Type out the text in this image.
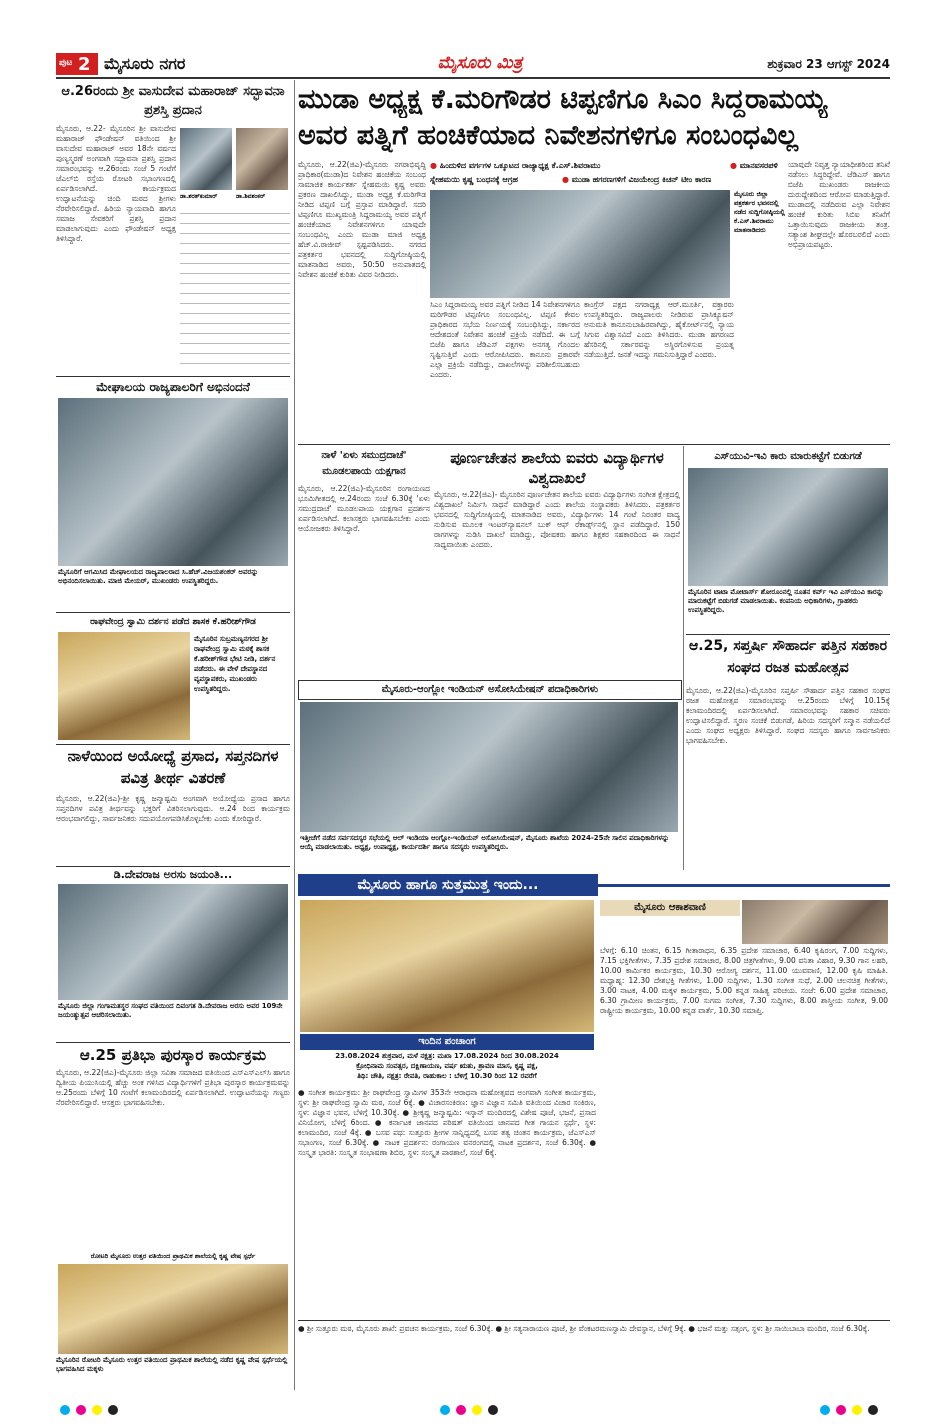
ಪುಟ 2 ಮೈಸೂರು ನಗರ	ಮೈಸೂರು ಮಿತ್ರ	ಶುಕ್ರವಾರ 23 ಆಗಸ್ಟ್ 2024
ಆ.26ರಂದು ಶ್ರೀ ವಾಸುದೇವ ಮಹಾರಾಜ್ ಸದ್ಭಾವನಾ ಪ್ರಶಸ್ತಿ ಪ್ರದಾನ
ಮೈಸೂರು, ಆ.22- ಮೈಸೂರಿನ ಶ್ರೀ ವಾಸುದೇವ ಮಹಾರಾಜ್ ಫೌಂಡೇಷನ್ ವತಿಯಿಂದ ಶ್ರೀ ವಾಸುದೇವ ಮಹಾರಾಜ್ ಅವರ 18ನೇ ವರ್ಷದ ಪುಣ್ಯಸ್ಮರಣೆ ಅಂಗವಾಗಿ ಸದ್ಭಾವನಾ ಪ್ರಶಸ್ತಿ ಪ್ರದಾನ ಸಮಾರಂಭವನ್ನು ಆ.26ರಂದು ಸಂಜೆ 5 ಗಂಟೆಗೆ ಜೆಎಲ್‌ಬಿ ರಸ್ತೆಯ ರೋಟರಿ ಸಭಾಂಗಣದಲ್ಲಿ ಏರ್ಪಡಿಸಲಾಗಿದೆ. ಕಾರ್ಯಕ್ರಮದ ಉದ್ಘಾಟನೆಯನ್ನು ಚಿಂದಿ ಮಠದ ಶ್ರೀಗಳು ನೆರವೇರಿಸಲಿದ್ದಾರೆ. ಹಿರಿಯ ನ್ಯಾಯವಾದಿ ಹಾಗೂ ಸಮಾಜ ಸೇವಕರಿಗೆ ಪ್ರಶಸ್ತಿ ಪ್ರದಾನ ಮಾಡಲಾಗುವುದು ಎಂದು ಫೌಂಡೇಷನ್ ಅಧ್ಯಕ್ಷ ತಿಳಿಸಿದ್ದಾರೆ.
ಡಾ.ಶರತ್‌ಕುಮಾರ್	ಡಾ.ಶಿವಶಂಕರ್
ಮೇಘಾಲಯ ರಾಜ್ಯಪಾಲರಿಗೆ ಅಭಿನಂದನೆ
ಮೈಸೂರಿಗೆ ಆಗಮಿಸಿದ ಮೇಘಾಲಯದ ರಾಜ್ಯಪಾಲರಾದ ಸಿ.ಹೆಚ್.ವಿಜಯಶಂಕರ್ ಅವರನ್ನು ಅಭಿನಂದಿಸಲಾಯಿತು. ಮಾಜಿ ಮೇಯರ್, ಮುಖಂಡರು ಉಪಸ್ಥಿತರಿದ್ದರು.
ರಾಘವೇಂದ್ರ ಸ್ವಾಮಿ ದರ್ಶನ ಪಡೆದ ಶಾಸಕ ಕೆ.ಹರೀಶ್‌ಗೌಡ
ಮೈಸೂರಿನ ಸುಬ್ರಮಣ್ಯನಗರದ ಶ್ರೀ ರಾಘವೇಂದ್ರ ಸ್ವಾಮಿ ಮಠಕ್ಕೆ ಶಾಸಕ ಕೆ.ಹರೀಶ್‌ಗೌಡ ಭೇಟಿ ನೀಡಿ, ದರ್ಶನ ಪಡೆದರು. ಈ ವೇಳೆ ದೇವಸ್ಥಾನದ ವ್ಯವಸ್ಥಾಪಕರು, ಮುಖಂಡರು ಉಪಸ್ಥಿತರಿದ್ದರು.
ನಾಳೆಯಿಂದ ಅಯೋಧ್ಯೆ ಪ್ರಸಾದ, ಸಪ್ತನದಿಗಳ ಪವಿತ್ರ ತೀರ್ಥ ವಿತರಣೆ
ಮೈಸೂರು, ಆ.22(ಜಿಎ)-ಶ್ರೀ ಕೃಷ್ಣ ಜನ್ಮಾಷ್ಟಮಿ ಅಂಗವಾಗಿ ಅಯೋಧ್ಯೆಯ ಪ್ರಸಾದ ಹಾಗೂ ಸಪ್ತನದಿಗಳ ಪವಿತ್ರ ತೀರ್ಥವನ್ನು ಭಕ್ತರಿಗೆ ವಿತರಿಸಲಾಗುವುದು. ಆ.24 ರಿಂದ ಕಾರ್ಯಕ್ರಮ ಆರಂಭವಾಗಲಿದ್ದು, ಸಾರ್ವಜನಿಕರು ಸದುಪಯೋಗಪಡಿಸಿಕೊಳ್ಳಬೇಕು ಎಂದು ಕೋರಿದ್ದಾರೆ.
ಡಿ.ದೇವರಾಜ ಅರಸು ಜಯಂತಿ...
ಮೈಸೂರು ಜಿಲ್ಲಾ ಗಂಗಾಮತಸ್ಥರ ಸಂಘದ ವತಿಯಿಂದ ದಿವಂಗತ ಡಿ.ದೇವರಾಜ ಅರಸು ಅವರ 109ನೇ ಜಯಂತ್ಯುತ್ಸವ ಆಚರಿಸಲಾಯಿತು.
ಆ.25 ಪ್ರತಿಭಾ ಪುರಸ್ಕಾರ ಕಾರ್ಯಕ್ರಮ
ಮೈಸೂರು, ಆ.22(ಜಿಎ)-ಮೈಸೂರು ಜಿಲ್ಲಾ ಸವಿತಾ ಸಮಾಜದ ವತಿಯಿಂದ ಎಸ್ಎಸ್‌ಎಲ್‌ಸಿ ಹಾಗೂ ದ್ವಿತೀಯ ಪಿಯುಸಿಯಲ್ಲಿ ಹೆಚ್ಚು ಅಂಕ ಗಳಿಸಿದ ವಿದ್ಯಾರ್ಥಿಗಳಿಗೆ ಪ್ರತಿಭಾ ಪುರಸ್ಕಾರ ಕಾರ್ಯಕ್ರಮವನ್ನು ಆ.25ರಂದು ಬೆಳಿಗ್ಗೆ 10 ಗಂಟೆಗೆ ಕಲಾಮಂದಿರದಲ್ಲಿ ಏರ್ಪಡಿಸಲಾಗಿದೆ. ಉದ್ಘಾಟನೆಯನ್ನು ಗಣ್ಯರು ನೆರವೇರಿಸಲಿದ್ದಾರೆ. ಆಸಕ್ತರು ಭಾಗವಹಿಸಬೇಕು.
ರೋಟರಿ ಮೈಸೂರು ಉತ್ತರ ವತಿಯಿಂದ ಪ್ರಾಥಮಿಕ ಶಾಲೆಯಲ್ಲಿ ಕೃಷ್ಣ ವೇಷ ಸ್ಪರ್ಧೆ
ಮೈಸೂರಿನ ರೋಟರಿ ಮೈಸೂರು ಉತ್ತರ ವತಿಯಿಂದ ಪ್ರಾಥಮಿಕ ಶಾಲೆಯಲ್ಲಿ ನಡೆದ ಕೃಷ್ಣ ವೇಷ ಸ್ಪರ್ಧೆಯಲ್ಲಿ ಭಾಗವಹಿಸಿದ ಮಕ್ಕಳು
ಮುಡಾ ಅಧ್ಯಕ್ಷ ಕೆ.ಮರಿಗೌಡರ ಟಿಪ್ಪಣಿಗೂ ಸಿಎಂ ಸಿದ್ದರಾಮಯ್ಯ
ಅವರ ಪತ್ನಿಗೆ ಹಂಚಿಕೆಯಾದ ನಿವೇಶನಗಳಿಗೂ ಸಂಬಂಧವಿಲ್ಲ
ಮೈಸೂರು, ಆ.22(ಜಿಎ)-ಮೈಸೂರು ನಗರಾಭಿವೃದ್ಧಿ ಪ್ರಾಧಿಕಾರ(ಮುಡಾ)ದ ನಿವೇಶನ ಹಂಚಿಕೆಯ ಸಂಬಂಧ ಸಾಮಾಜಿಕ ಕಾರ್ಯಕರ್ತ ಸ್ನೇಹಮಯಿ ಕೃಷ್ಣ ಅವರು ಪ್ರಕರಣ ದಾಖಲಿಸಿದ್ದು, ಮುಡಾ ಅಧ್ಯಕ್ಷ ಕೆ.ಮರಿಗೌಡ ನೀಡಿದ ಟಿಪ್ಪಣಿ ಬಗ್ಗೆ ಪ್ರಸ್ತಾಪ ಮಾಡಿದ್ದಾರೆ. ಸದರಿ ಟಿಪ್ಪಣಿಗೂ ಮುಖ್ಯಮಂತ್ರಿ ಸಿದ್ದರಾಮಯ್ಯ ಅವರ ಪತ್ನಿಗೆ ಹಂಚಿಕೆಯಾದ ನಿವೇಶನಗಳಿಗೂ ಯಾವುದೇ ಸಂಬಂಧವಿಲ್ಲ ಎಂದು ಮುಡಾ ಮಾಜಿ ಅಧ್ಯಕ್ಷ ಹೆಚ್.ವಿ.ರಾಜೀವ್ ಸ್ಪಷ್ಟಪಡಿಸಿದರು. ನಗರದ ಪತ್ರಕರ್ತರ ಭವನದಲ್ಲಿ ಸುದ್ದಿಗೋಷ್ಠಿಯಲ್ಲಿ ಮಾತನಾಡಿದ ಅವರು, 50:50 ಅನುಪಾತದಲ್ಲಿ ನಿವೇಶನ ಹಂಚಿಕೆ ಕುರಿತು ವಿವರ ನೀಡಿದರು.
● ಹಿಂದುಳಿದ ವರ್ಗಗಳ ಒಕ್ಕೂಟದ ರಾಜ್ಯಾಧ್ಯಕ್ಷ ಕೆ.ಎಸ್.ಶಿವರಾಮು	● ಮಾನವಸರಪಳಿ
ಸ್ನೇಹಮಯಿ ಕೃಷ್ಣ ಬಂಧನಕ್ಕೆ ಆಗ್ರಹ	● ಮುಡಾ ಹಗರಣಗಳಿಗೆ ವಿಜಯೇಂದ್ರ ಕಿಚನ್ ಟೀಂ ಕಾರಣ
ಮೈಸೂರು ಜಿಲ್ಲಾ ಪತ್ರಕರ್ತರ ಭವನದಲ್ಲಿ ನಡೆದ ಸುದ್ದಿಗೋಷ್ಠಿಯಲ್ಲಿ ಕೆ.ಎಸ್.ಶಿವರಾಮು ಮಾತನಾಡಿದರು
ಸಿಎಂ ಸಿದ್ದರಾಮಯ್ಯ ಅವರ ಪತ್ನಿಗೆ ನೀಡಿದ 14 ನಿವೇಶನಗಳಿಗೂ ಮರಿಗೌಡರ ಟಿಪ್ಪಣಿಗೂ ಸಂಬಂಧವಿಲ್ಲ. ಟಿಪ್ಪಣಿ ಕೇವಲ ಪ್ರಾಧಿಕಾರದ ಸಭೆಯ ನಿರ್ಣಯಕ್ಕೆ ಸಂಬಂಧಿಸಿದ್ದು, ಸರ್ಕಾರದ ಆದೇಶದಂತೆ ನಿವೇಶನ ಹಂಚಿಕೆ ಪ್ರಕ್ರಿಯೆ ನಡೆದಿದೆ. ಈ ಬಗ್ಗೆ ಬಿಜೆಪಿ ಹಾಗೂ ಜೆಡಿಎಸ್ ಪಕ್ಷಗಳು ಅನಗತ್ಯ ಗೊಂದಲ ಸೃಷ್ಟಿಸುತ್ತಿವೆ ಎಂದು ಆರೋಪಿಸಿದರು. ಕಾನೂನು ಪ್ರಕಾರವೇ ಎಲ್ಲಾ ಪ್ರಕ್ರಿಯೆ ನಡೆದಿದ್ದು, ದಾಖಲೆಗಳನ್ನು ಪರಿಶೀಲಿಸಬಹುದು ಎಂದರು.
ಕಾಂಗ್ರೆಸ್ ಪಕ್ಷದ ನಗರಾಧ್ಯಕ್ಷ ಆರ್.ಮೂರ್ತಿ, ವಕ್ತಾರರು ಉಪಸ್ಥಿತರಿದ್ದರು. ರಾಜ್ಯಪಾಲರು ನೀಡಿರುವ ಪ್ರಾಸಿಕ್ಯೂಷನ್ ಅನುಮತಿ ಕಾನೂನುಬಾಹಿರವಾಗಿದ್ದು, ಹೈಕೋರ್ಟ್‌ನಲ್ಲಿ ನ್ಯಾಯ ಸಿಗುವ ವಿಶ್ವಾಸವಿದೆ ಎಂದು ತಿಳಿಸಿದರು. ಮುಡಾ ಹಗರಣದ ಹೆಸರಿನಲ್ಲಿ ಸರ್ಕಾರವನ್ನು ಅಸ್ಥಿರಗೊಳಿಸುವ ಪ್ರಯತ್ನ ನಡೆಯುತ್ತಿದೆ. ಜನತೆ ಇದನ್ನು ಗಮನಿಸುತ್ತಿದ್ದಾರೆ ಎಂದರು.
ಯಾವುದೇ ನಿವೃತ್ತ ನ್ಯಾಯಾಧೀಶರಿಂದ ತನಿಖೆ ನಡೆಸಲು ಸಿದ್ಧರಿದ್ದೇವೆ. ಜೆಡಿಎಸ್ ಹಾಗೂ ಬಿಜೆಪಿ ಮುಖಂಡರು ರಾಜಕೀಯ ದುರುದ್ದೇಶದಿಂದ ಆರೋಪ ಮಾಡುತ್ತಿದ್ದಾರೆ. ಮುಡಾದಲ್ಲಿ ನಡೆದಿರುವ ಎಲ್ಲಾ ನಿವೇಶನ ಹಂಚಿಕೆ ಕುರಿತು ಸಿಬಿಐ ತನಿಖೆಗೆ ಒತ್ತಾಯಿಸುವುದು ರಾಜಕೀಯ ತಂತ್ರ. ಸತ್ಯಾಂಶ ಶೀಘ್ರದಲ್ಲೇ ಹೊರಬರಲಿದೆ ಎಂದು ಅಭಿಪ್ರಾಯಪಟ್ಟರು.
ನಾಳೆ 'ಏಳು ಸಮುದ್ರದಾಚೆ' ಮೂಡಲಪಾಯ ಯಕ್ಷಗಾನ
ಮೈಸೂರು, ಆ.22(ಜಿಎ)-ಮೈಸೂರಿನ ರಂಗಾಯಣದ ಭೂಮಿಗೀತದಲ್ಲಿ ಆ.24ರಂದು ಸಂಜೆ 6.30ಕ್ಕೆ 'ಏಳು ಸಮುದ್ರದಾಚೆ' ಮೂಡಲಪಾಯ ಯಕ್ಷಗಾನ ಪ್ರದರ್ಶನ ಏರ್ಪಡಿಸಲಾಗಿದೆ. ಕಲಾಸಕ್ತರು ಭಾಗವಹಿಸಬೇಕು ಎಂದು ಆಯೋಜಕರು ತಿಳಿಸಿದ್ದಾರೆ.
ಪೂರ್ಣಚೇತನ ಶಾಲೆಯ ಐವರು ವಿದ್ಯಾರ್ಥಿಗಳ ವಿಶ್ವದಾಖಲೆ
ಮೈಸೂರು, ಆ.22(ಜಿಎ)- ಮೈಸೂರಿನ ಪೂರ್ಣಚೇತನ ಶಾಲೆಯ ಐವರು ವಿದ್ಯಾರ್ಥಿಗಳು ಸಂಗೀತ ಕ್ಷೇತ್ರದಲ್ಲಿ ವಿಶ್ವದಾಖಲೆ ನಿರ್ಮಿಸಿ ಸಾಧನೆ ಮಾಡಿದ್ದಾರೆ ಎಂದು ಶಾಲೆಯ ಸಂಸ್ಥಾಪಕರು ತಿಳಿಸಿದರು. ಪತ್ರಕರ್ತರ ಭವನದಲ್ಲಿ ಸುದ್ದಿಗೋಷ್ಠಿಯಲ್ಲಿ ಮಾತನಾಡಿದ ಅವರು, ವಿದ್ಯಾರ್ಥಿಗಳು 14 ಗಂಟೆ ನಿರಂತರ ವಾದ್ಯ ನುಡಿಸುವ ಮೂಲಕ ಇಂಟರ್‌ನ್ಯಾಷನಲ್ ಬುಕ್ ಆಫ್ ರೆಕಾರ್ಡ್ಸ್‌ನಲ್ಲಿ ಸ್ಥಾನ ಪಡೆದಿದ್ದಾರೆ. 150 ರಾಗಗಳನ್ನು ನುಡಿಸಿ ದಾಖಲೆ ಮಾಡಿದ್ದು, ಪೋಷಕರು ಹಾಗೂ ಶಿಕ್ಷಕರ ಸಹಕಾರದಿಂದ ಈ ಸಾಧನೆ ಸಾಧ್ಯವಾಯಿತು ಎಂದರು.
ಮೈಸೂರು-ಆಂಗ್ಲೋ ಇಂಡಿಯನ್ ಅಸೋಸಿಯೇಷನ್ ಪದಾಧಿಕಾರಿಗಳು
ಇತ್ತೀಚೆಗೆ ನಡೆದ ಸರ್ವಸದಸ್ಯರ ಸಭೆಯಲ್ಲಿ ಆಲ್ ಇಂಡಿಯಾ ಆಂಗ್ಲೋ-ಇಂಡಿಯನ್ ಅಸೋಸಿಯೇಷನ್, ಮೈಸೂರು ಶಾಖೆಯ 2024-25ನೇ ಸಾಲಿನ ಪದಾಧಿಕಾರಿಗಳನ್ನು ಆಯ್ಕೆ ಮಾಡಲಾಯಿತು. ಅಧ್ಯಕ್ಷ, ಉಪಾಧ್ಯಕ್ಷ, ಕಾರ್ಯದರ್ಶಿ ಹಾಗೂ ಸದಸ್ಯರು ಉಪಸ್ಥಿತರಿದ್ದರು.
ಎಸ್‌ಯುವಿ-ಇವಿ ಕಾರು ಮಾರುಕಟ್ಟೆಗೆ ಬಿಡುಗಡೆ
ಮೈಸೂರಿನ ಟಾಟಾ ಮೋಟಾರ್ಸ್ ಶೋರೂಂನಲ್ಲಿ ನೂತನ ಕರ್ವ್ ಇವಿ ಎಸ್‌ಯುವಿ ಕಾರನ್ನು ಮಾರುಕಟ್ಟೆಗೆ ಬಿಡುಗಡೆ ಮಾಡಲಾಯಿತು. ಕಂಪನಿಯ ಅಧಿಕಾರಿಗಳು, ಗ್ರಾಹಕರು ಉಪಸ್ಥಿತರಿದ್ದರು.
ಆ.25, ಸಪ್ತರ್ಷಿ ಸೌಹಾರ್ದ ಪತ್ತಿನ ಸಹಕಾರ ಸಂಘದ ರಜತ ಮಹೋತ್ಸವ
ಮೈಸೂರು, ಆ.22(ಜಿಎ)-ಮೈಸೂರಿನ ಸಪ್ತರ್ಷಿ ಸೌಹಾರ್ದ ಪತ್ತಿನ ಸಹಕಾರ ಸಂಘದ ರಜತ ಮಹೋತ್ಸವ ಸಮಾರಂಭವನ್ನು ಆ.25ರಂದು ಬೆಳಿಗ್ಗೆ 10.15ಕ್ಕೆ ಕಲಾಮಂದಿರದಲ್ಲಿ ಏರ್ಪಡಿಸಲಾಗಿದೆ. ಸಮಾರಂಭವನ್ನು ಸಹಕಾರ ಸಚಿವರು ಉದ್ಘಾಟಿಸಲಿದ್ದಾರೆ. ಸ್ಮರಣ ಸಂಚಿಕೆ ಬಿಡುಗಡೆ, ಹಿರಿಯ ಸದಸ್ಯರಿಗೆ ಸನ್ಮಾನ ನಡೆಯಲಿದೆ ಎಂದು ಸಂಘದ ಅಧ್ಯಕ್ಷರು ತಿಳಿಸಿದ್ದಾರೆ. ಸಂಘದ ಸದಸ್ಯರು ಹಾಗೂ ಸಾರ್ವಜನಿಕರು ಭಾಗವಹಿಸಬೇಕು.
ಮೈಸೂರು ಹಾಗೂ ಸುತ್ತಮುತ್ತ ಇಂದು...
ಇಂದಿನ ಪಂಚಾಂಗ
23.08.2024 ಶುಕ್ರವಾರ, ಮಳೆ ನಕ್ಷತ್ರ: ಮಖಾ 17.08.2024 ರಿಂದ 30.08.2024
ಕ್ರೋಧಿನಾಮ ಸಂವತ್ಸರ, ದಕ್ಷಿಣಾಯಣ, ವರ್ಷ ಋತು, ಶ್ರಾವಣ ಮಾಸ, ಕೃಷ್ಣ ಪಕ್ಷ,
ತಿಥಿ: ಚೌತಿ, ನಕ್ಷತ್ರ: ರೇವತಿ, ರಾಹುಕಾಲ : ಬೆಳಿಗ್ಗೆ 10.30 ರಿಂದ 12 ರವರೆಗೆ
● ಸಂಗೀತ ಕಾರ್ಯಕ್ರಮ: ಶ್ರೀ ರಾಘವೇಂದ್ರ ಸ್ವಾಮಿಗಳ 353ನೇ ಆರಾಧನಾ ಮಹೋತ್ಸವದ ಅಂಗವಾಗಿ ಸಂಗೀತ ಕಾರ್ಯಕ್ರಮ, ಸ್ಥಳ: ಶ್ರೀ ರಾಘವೇಂದ್ರ ಸ್ವಾಮಿ ಮಠ, ಸಂಜೆ 6ಕ್ಕೆ. ● ವಿಚಾರಸಂಕಿರಣ: ಜ್ಞಾನ ವಿಜ್ಞಾನ ಸಮಿತಿ ವತಿಯಿಂದ ವಿಚಾರ ಸಂಕಿರಣ, ಸ್ಥಳ: ವಿಜ್ಞಾನ ಭವನ, ಬೆಳಿಗ್ಗೆ 10.30ಕ್ಕೆ. ● ಶ್ರೀಕೃಷ್ಣ ಜನ್ಮಾಷ್ಟಮಿ: ಇಸ್ಕಾನ್ ಮಂದಿರದಲ್ಲಿ ವಿಶೇಷ ಪೂಜೆ, ಭಜನೆ, ಪ್ರಸಾದ ವಿನಿಯೋಗ, ಬೆಳಿಗ್ಗೆ 6ರಿಂದ. ● ಕರ್ನಾಟಕ ಜಾನಪದ ಪರಿಷತ್ ವತಿಯಿಂದ ಜಾನಪದ ಗೀತ ಗಾಯನ ಸ್ಪರ್ಧೆ, ಸ್ಥಳ: ಕಲಾಮಂದಿರ, ಸಂಜೆ 4ಕ್ಕೆ. ● ಬಸವ ಪಥ: ಸುತ್ತೂರು ಶ್ರೀಗಳ ಸಾನ್ನಿಧ್ಯದಲ್ಲಿ ಬಸವ ತತ್ವ ಚಿಂತನ ಕಾರ್ಯಕ್ರಮ, ಜೆಎಸ್‌ಎಸ್ ಸಭಾಂಗಣ, ಸಂಜೆ 6.30ಕ್ಕೆ. ● ನಾಟಕ ಪ್ರದರ್ಶನ: ರಂಗಾಯಣ ವನರಂಗದಲ್ಲಿ ನಾಟಕ ಪ್ರದರ್ಶನ, ಸಂಜೆ 6.30ಕ್ಕೆ. ● ಸಂಸ್ಕೃತ ಭಾರತಿ: ಸಂಸ್ಕೃತ ಸಂಭಾಷಣಾ ಶಿಬಿರ, ಸ್ಥಳ: ಸಂಸ್ಕೃತ ಪಾಠಶಾಲೆ, ಸಂಜೆ 6ಕ್ಕೆ.
ಮೈಸೂರು ಆಕಾಶವಾಣಿ
ಬೆಳಗ್ಗೆ: 6.10 ಚಿಂತನ, 6.15 ಗೀತಾರಾಧನ, 6.35 ಪ್ರದೇಶ ಸಮಾಚಾರ, 6.40 ಕೃಷಿರಂಗ, 7.00 ಸುದ್ದಿಗಳು, 7.15 ಭಕ್ತಿಗೀತೆಗಳು, 7.35 ಪ್ರದೇಶ ಸಮಾಚಾರ, 8.00 ಚಿತ್ರಗೀತೆಗಳು, 9.00 ವನಿತಾ ವಿಹಾರ, 9.30 ಗಾನ ಲಹರಿ, 10.00 ಕಾರ್ಮಿಕರ ಕಾರ್ಯಕ್ರಮ, 10.30 ಆರೋಗ್ಯ ದರ್ಶನ, 11.00 ಯುವವಾಣಿ, 12.00 ಕೃಷಿ ಮಾಹಿತಿ. ಮಧ್ಯಾಹ್ನ: 12.30 ದೇಶಭಕ್ತಿ ಗೀತೆಗಳು, 1.00 ಸುದ್ದಿಗಳು, 1.30 ಸಂಗೀತ ಸುಧೆ, 2.00 ಚಲನಚಿತ್ರ ಗೀತೆಗಳು, 3.00 ನಾಟಕ, 4.00 ಮಕ್ಕಳ ಕಾರ್ಯಕ್ರಮ, 5.00 ಕನ್ನಡ ಸಾಹಿತ್ಯ ಪರಿಚಯ. ಸಂಜೆ: 6.00 ಪ್ರದೇಶ ಸಮಾಚಾರ, 6.30 ಗ್ರಾಮೀಣ ಕಾರ್ಯಕ್ರಮ, 7.00 ಸುಗಮ ಸಂಗೀತ, 7.30 ಸುದ್ದಿಗಳು, 8.00 ಶಾಸ್ತ್ರೀಯ ಸಂಗೀತ, 9.00 ರಾಷ್ಟ್ರೀಯ ಕಾರ್ಯಕ್ರಮ, 10.00 ಕನ್ನಡ ವಾರ್ತೆ, 10.30 ಸಮಾಪ್ತಿ.
● ಶ್ರೀ ಸುತ್ತೂರು ಮಠ, ಮೈಸೂರು ಶಾಖೆ: ಪ್ರವಚನ ಕಾರ್ಯಕ್ರಮ, ಸಂಜೆ 6.30ಕ್ಕೆ. ● ಶ್ರೀ ಸತ್ಯನಾರಾಯಣ ಪೂಜೆ, ಶ್ರೀ ವೆಂಕಟರಮಣಸ್ವಾಮಿ ದೇವಸ್ಥಾನ, ಬೆಳಿಗ್ಗೆ 9ಕ್ಕೆ. ● ಭಜನೆ ಮತ್ತು ಸತ್ಸಂಗ, ಸ್ಥಳ: ಶ್ರೀ ಸಾಯಿಬಾಬಾ ಮಂದಿರ, ಸಂಜೆ 6.30ಕ್ಕೆ.
